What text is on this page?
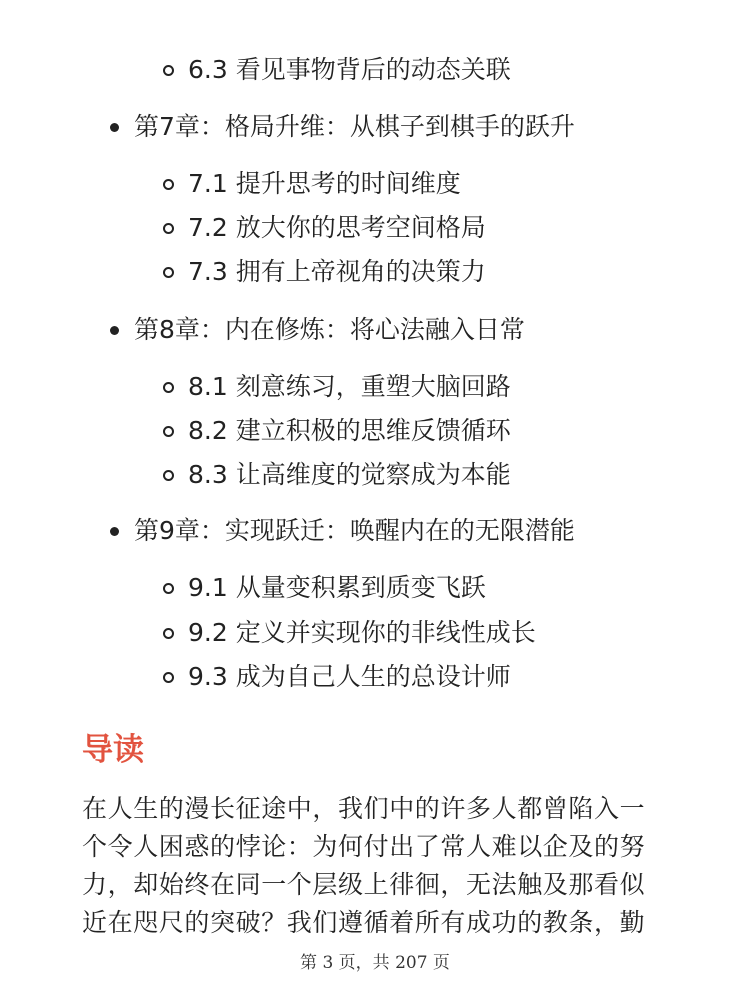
6.3 看见事物背后的动态关联
第7章：格局升维：从棋子到棋手的跃升
7.1 提升思考的时间维度
7.2 放大你的思考空间格局
7.3 拥有上帝视角的决策力
第8章：内在修炼：将心法融入日常
8.1 刻意练习，重塑大脑回路
8.2 建立积极的思维反馈循环
8.3 让高维度的觉察成为本能
第9章：实现跃迁：唤醒内在的无限潜能
9.1 从量变积累到质变飞跃
9.2 定义并实现你的非线性成长
9.3 成为自己人生的总设计师
导读

在人生的漫长征途中，我们中的许多人都曾陷入一
个令人困惑的悖论：为何付出了常人难以企及的努
力，却始终在同一个层级上徘徊，无法触及那看似
近在咫尺的突破？我们遵循着所有成功的教条，勤

第 3 页，共 207 页
